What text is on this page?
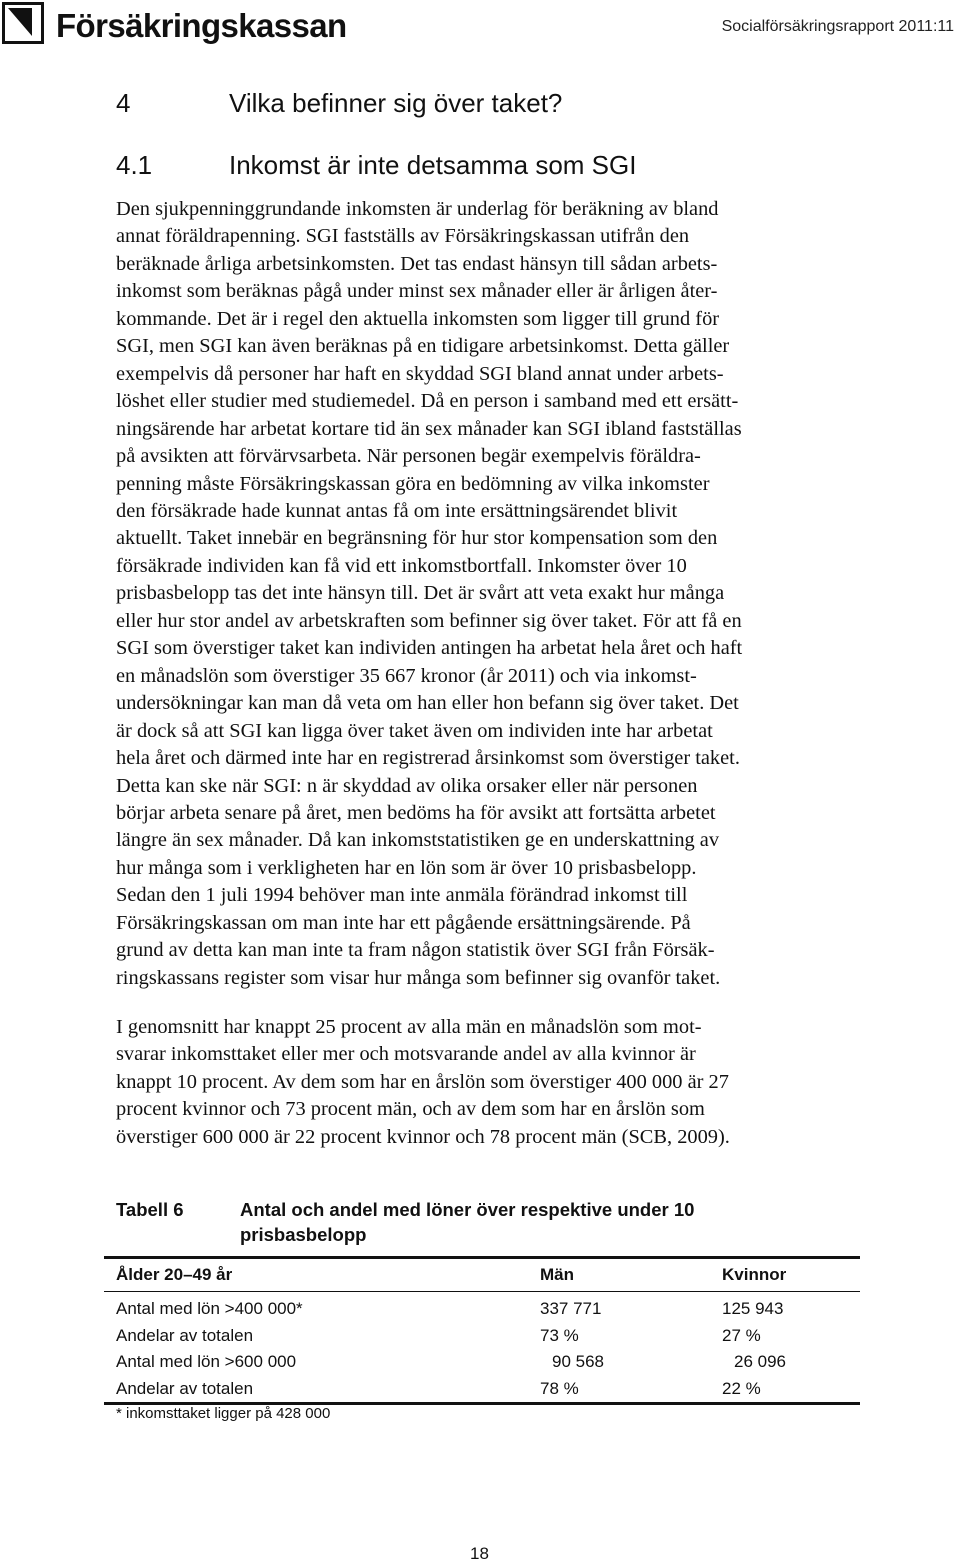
Försäkringskassan	Socialförsäkringsrapport 2011:11
4	Vilka befinner sig över taket?
4.1	Inkomst är inte detsamma som SGI
Den sjukpenninggrundande inkomsten är underlag för beräkning av bland
annat föräldrapenning. SGI fastställs av Försäkringskassan utifrån den
beräknade årliga arbetsinkomsten. Det tas endast hänsyn till sådan arbets-
inkomst som beräknas pågå under minst sex månader eller är årligen åter-
kommande. Det är i regel den aktuella inkomsten som ligger till grund för
SGI, men SGI kan även beräknas på en tidigare arbetsinkomst. Detta gäller
exempelvis då personer har haft en skyddad SGI bland annat under arbets-
löshet eller studier med studiemedel. Då en person i samband med ett ersätt-
ningsärende har arbetat kortare tid än sex månader kan SGI ibland fastställas
på avsikten att förvärvsarbeta. När personen begär exempelvis föräldra-
penning måste Försäkringskassan göra en bedömning av vilka inkomster
den försäkrade hade kunnat antas få om inte ersättningsärendet blivit
aktuellt. Taket innebär en begränsning för hur stor kompensation som den
försäkrade individen kan få vid ett inkomstbortfall. Inkomster över 10
prisbasbelopp tas det inte hänsyn till. Det är svårt att veta exakt hur många
eller hur stor andel av arbetskraften som befinner sig över taket. För att få en
SGI som överstiger taket kan individen antingen ha arbetat hela året och haft
en månadslön som överstiger 35 667 kronor (år 2011) och via inkomst-
undersökningar kan man då veta om han eller hon befann sig över taket. Det
är dock så att SGI kan ligga över taket även om individen inte har arbetat
hela året och därmed inte har en registrerad årsinkomst som överstiger taket.
Detta kan ske när SGI: n är skyddad av olika orsaker eller när personen
börjar arbeta senare på året, men bedöms ha för avsikt att fortsätta arbetet
längre än sex månader. Då kan inkomststatistiken ge en underskattning av
hur många som i verkligheten har en lön som är över 10 prisbasbelopp.
Sedan den 1 juli 1994 behöver man inte anmäla förändrad inkomst till
Försäkringskassan om man inte har ett pågående ersättningsärende. På
grund av detta kan man inte ta fram någon statistik över SGI från Försäk-
ringskassans register som visar hur många som befinner sig ovanför taket.
I genomsnitt har knappt 25 procent av alla män en månadslön som mot-
svarar inkomsttaket eller mer och motsvarande andel av alla kvinnor är
knappt 10 procent. Av dem som har en årslön som överstiger 400 000 är 27
procent kvinnor och 73 procent män, och av dem som har en årslön som
överstiger 600 000 är 22 procent kvinnor och 78 procent män (SCB, 2009).
Tabell 6	Antal och andel med löner över respektive under 10 prisbasbelopp
Ålder 20–49 år	Män	Kvinnor
Antal med lön >400 000*	337 771	125 943
Andelar av totalen	73 %	27 %
Antal med lön >600 000	90 568	26 096
Andelar av totalen	78 %	22 %
* inkomsttaket ligger på 428 000
18
